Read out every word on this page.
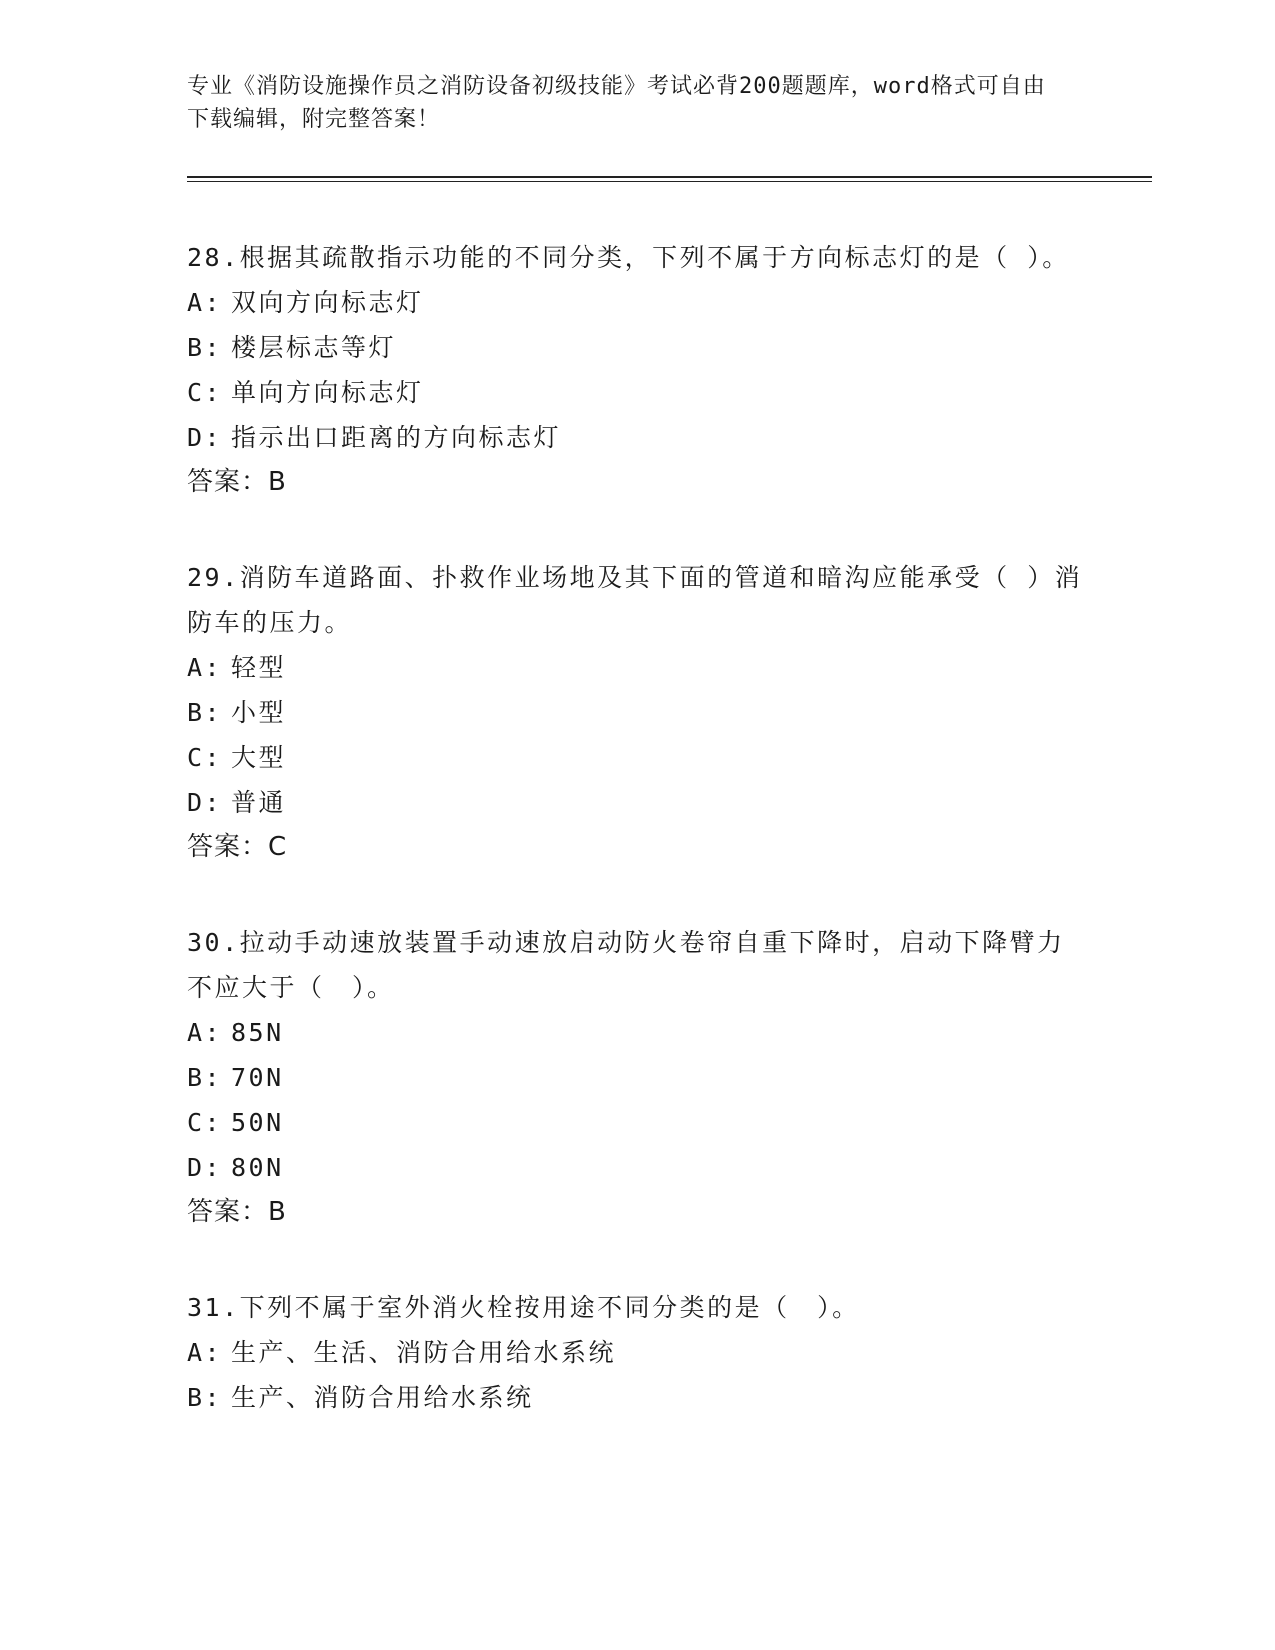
专业《消防设施操作员之消防设备初级技能》考试必背200题题库，word格式可自由下载编辑，附完整答案！

28.根据其疏散指示功能的不同分类，下列不属于方向标志灯的是（ ）。

A: 双向方向标志灯

B: 楼层标志等灯

C: 单向方向标志灯

D: 指示出口距离的方向标志灯

答案：B

29.消防车道路面、扑救作业场地及其下面的管道和暗沟应能承受（ ）消防车的压力。

A: 轻型

B: 小型

C: 大型

D: 普通

答案：C

30.拉动手动速放装置手动速放启动防火卷帘自重下降时，启动下降臂力不应大于（　）。

A: 85N

B: 70N

C: 50N

D: 80N

答案：B

31.下列不属于室外消火栓按用途不同分类的是（　）。

A: 生产、生活、消防合用给水系统

B: 生产、消防合用给水系统
